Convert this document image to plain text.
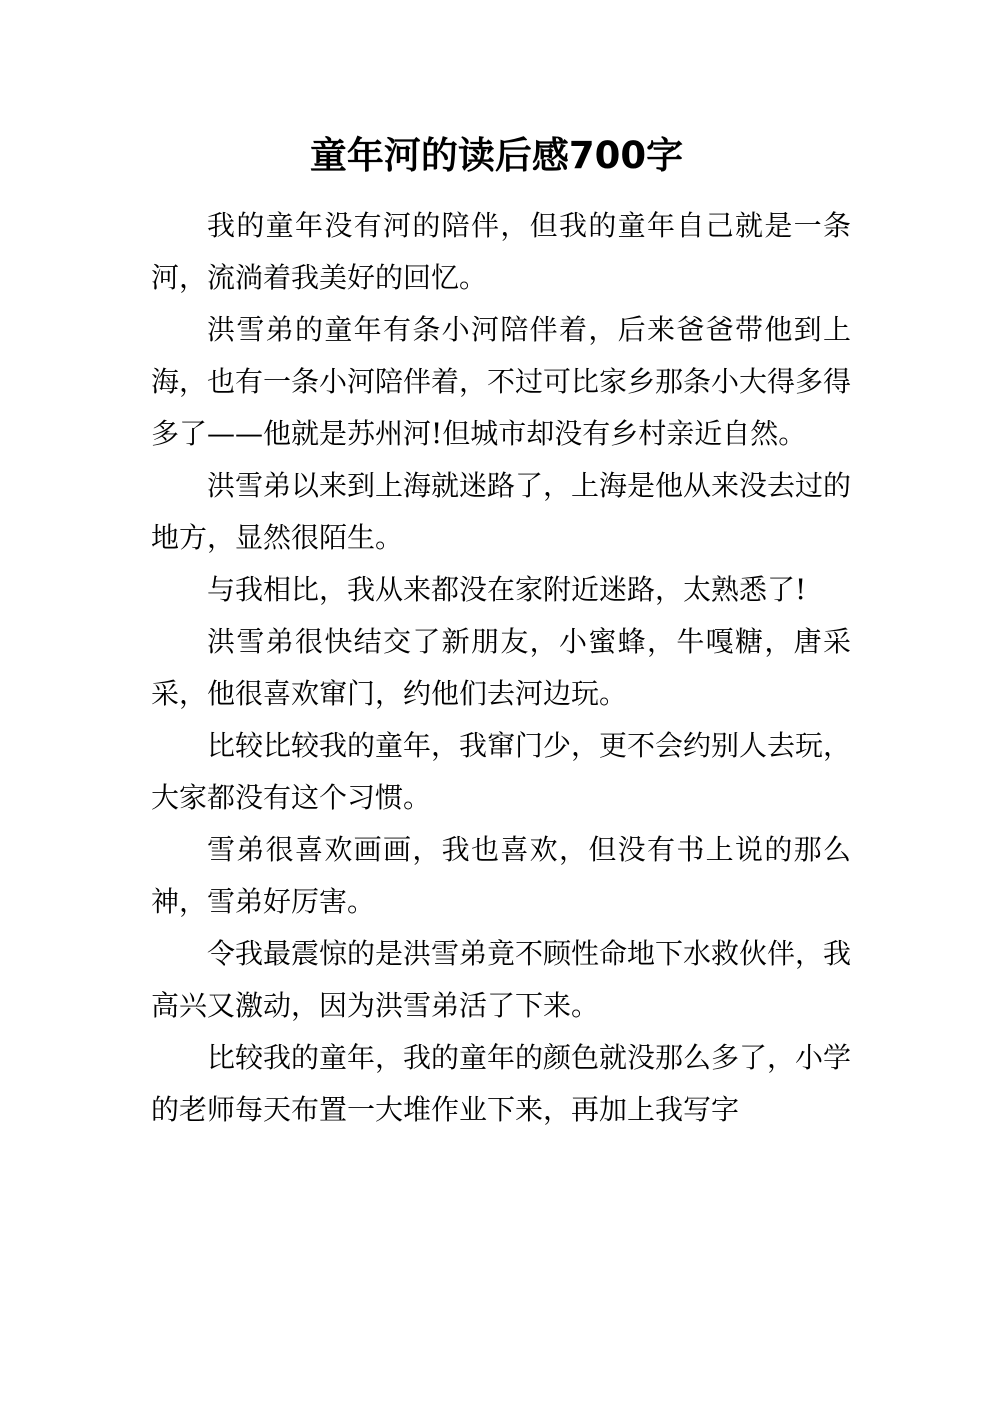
童年河的读后感700字

我的童年没有河的陪伴，但我的童年自己就是一条河，流淌着我美好的回忆。

洪雪弟的童年有条小河陪伴着，后来爸爸带他到上海，也有一条小河陪伴着，不过可比家乡那条小大得多得多了——他就是苏州河!但城市却没有乡村亲近自然。

洪雪弟以来到上海就迷路了，上海是他从来没去过的地方，显然很陌生。

与我相比，我从来都没在家附近迷路，太熟悉了!

洪雪弟很快结交了新朋友，小蜜蜂，牛嘎糖，唐采采，他很喜欢窜门，约他们去河边玩。

比较比较我的童年，我窜门少，更不会约别人去玩，大家都没有这个习惯。

雪弟很喜欢画画，我也喜欢，但没有书上说的那么神，雪弟好厉害。

令我最震惊的是洪雪弟竟不顾性命地下水救伙伴，我高兴又激动，因为洪雪弟活了下来。

比较我的童年，我的童年的颜色就没那么多了，小学的老师每天布置一大堆作业下来，再加上我写字
